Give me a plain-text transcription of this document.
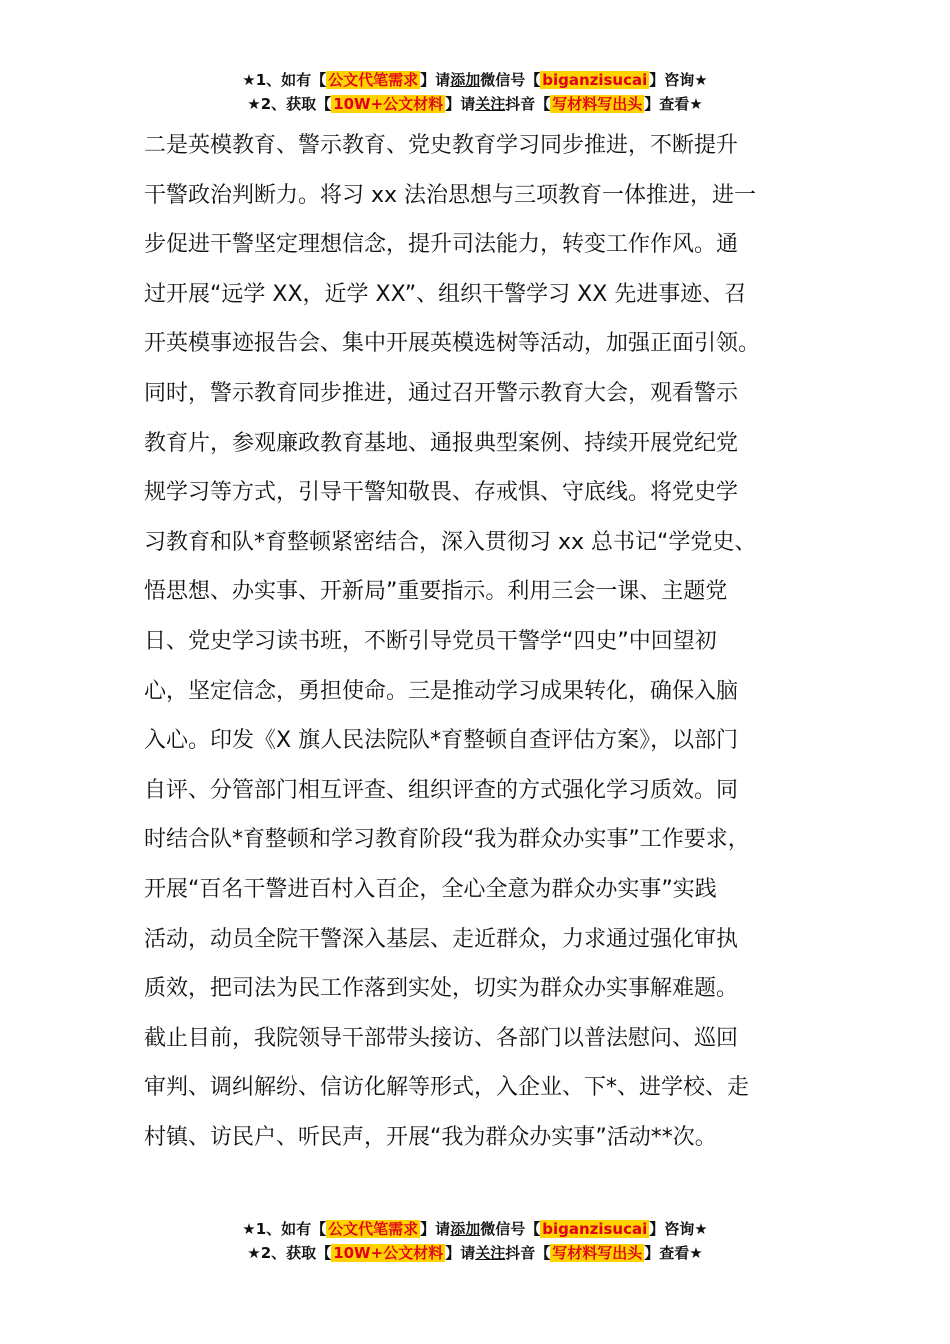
★1、如有【 公文代笔需求 】请添加微信号【 biganzisucai 】咨询★
★2、获取【 10W+公文材料 】请关注抖音【 写材料写出头 】查看★
二是英模教育、警示教育、党史教育学习同步推进，不断提升
干警政治判断力。将习 xx 法治思想与三项教育一体推进，进一
步促进干警坚定理想信念，提升司法能力，转变工作作风。通
过开展“远学 XX，近学 XX”、组织干警学习 XX 先进事迹、召
开英模事迹报告会、集中开展英模选树等活动，加强正面引领。
同时，警示教育同步推进，通过召开警示教育大会，观看警示
教育片，参观廉政教育基地、通报典型案例、持续开展党纪党
规学习等方式，引导干警知敬畏、存戒惧、守底线。将党史学
习教育和队*育整顿紧密结合，深入贯彻习 xx 总书记“学党史、
悟思想、办实事、开新局”重要指示。利用三会一课、主题党
日、党史学习读书班，不断引导党员干警学“四史”中回望初
心，坚定信念，勇担使命。三是推动学习成果转化，确保入脑
入心。印发《X 旗人民法院队*育整顿自查评估方案》，以部门
自评、分管部门相互评查、组织评查的方式强化学习质效。同
时结合队*育整顿和学习教育阶段“我为群众办实事”工作要求，
开展“百名干警进百村入百企，全心全意为群众办实事”实践
活动，动员全院干警深入基层、走近群众，力求通过强化审执
质效，把司法为民工作落到实处，切实为群众办实事解难题。
截止目前，我院领导干部带头接访、各部门以普法慰问、巡回
审判、调纠解纷、信访化解等形式，入企业、下*、进学校、走
村镇、访民户、听民声，开展“我为群众办实事”活动**次。
★1、如有【 公文代笔需求 】请添加微信号【 biganzisucai 】咨询★
★2、获取【 10W+公文材料 】请关注抖音【 写材料写出头 】查看★
